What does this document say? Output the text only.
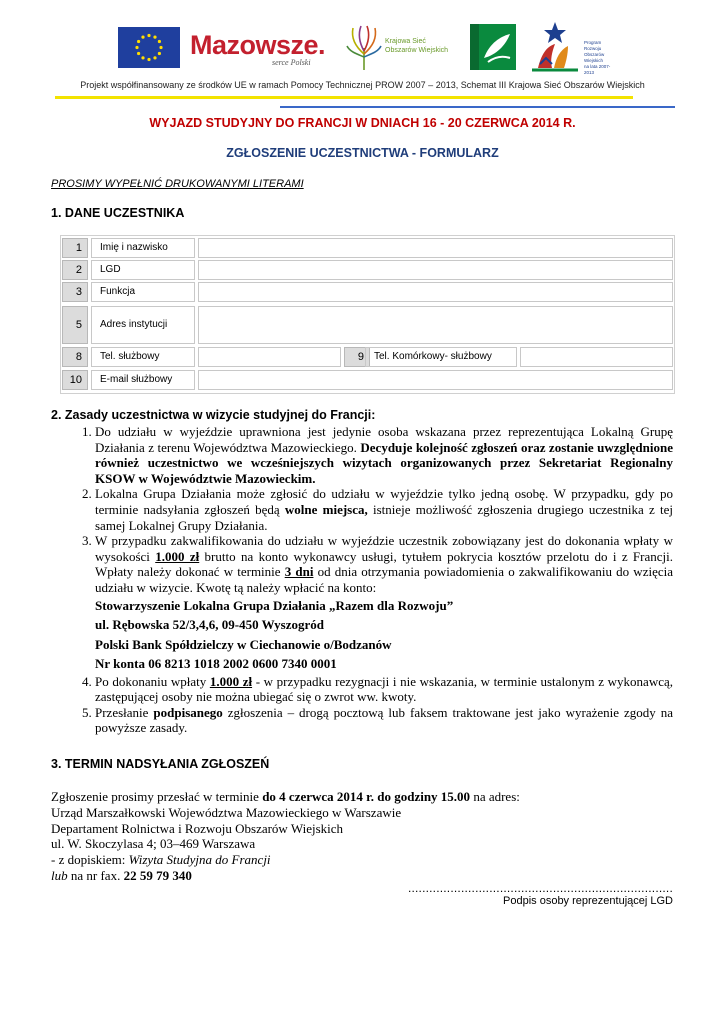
Mazowsze.
serce Polski
Krajowa Sieć
Obszarów Wiejskich
Program
Rozwoju
Obszarów
Wiejskich
na lata 2007-2013
Projekt współfinansowany ze środków UE w ramach Pomocy Technicznej PROW 2007 – 2013, Schemat III Krajowa Sieć Obszarów Wiejskich
WYJAZD STUDYJNY DO FRANCJI W DNIACH 16 - 20 CZERWCA 2014 R.
ZGŁOSZENIE UCZESTNICTWA - FORMULARZ
PROSIMY WYPEŁNIĆ DRUKOWANYMI LITERAMI
1. DANE UCZESTNIKA
1	Imię i nazwisko
2	LGD
3	Funkcja
5	Adres instytucji
8	Tel. służbowy	9	Tel. Komórkowy- służbowy
10	E-mail służbowy
2. Zasady uczestnictwa w wizycie studyjnej do Francji:
1. Do udziału w wyjeździe uprawniona jest jedynie osoba wskazana przez reprezentująca Lokalną Grupę Działania z terenu Województwa Mazowieckiego. Decyduje kolejność zgłoszeń oraz zostanie uwzględnione również uczestnictwo we wcześniejszych wizytach organizowanych przez Sekretariat Regionalny KSOW w Województwie Mazowieckim.
2. Lokalna Grupa Działania może zgłosić do udziału w wyjeździe tylko jedną osobę. W przypadku, gdy po terminie nadsyłania zgłoszeń będą wolne miejsca, istnieje możliwość zgłoszenia drugiego uczestnika z tej samej Lokalnej Grupy Działania.
3. W przypadku zakwalifikowania do udziału w wyjeździe uczestnik zobowiązany jest do dokonania wpłaty w wysokości 1.000 zł brutto na konto wykonawcy usługi, tytułem pokrycia kosztów przelotu do i z Francji. Wpłaty należy dokonać w terminie 3 dni od dnia otrzymania powiadomienia o zakwalifikowaniu do wzięcia udziału w wizycie. Kwotę tą należy wpłacić na konto:
Stowarzyszenie Lokalna Grupa Działania „Razem dla Rozwoju”
ul. Rębowska 52/3,4,6, 09-450 Wyszogród
Polski Bank Spółdzielczy w Ciechanowie o/Bodzanów
Nr konta 06 8213 1018 2002 0600 7340 0001
4. Po dokonaniu wpłaty 1.000 zł - w przypadku rezygnacji i nie wskazania, w terminie ustalonym z wykonawcą, zastępującej osoby nie można ubiegać się o zwrot ww. kwoty.
5. Przesłanie podpisanego zgłoszenia – drogą pocztową lub faksem traktowane jest jako wyrażenie zgody na powyższe zasady.
3. TERMIN NADSYŁANIA ZGŁOSZEŃ
Zgłoszenie prosimy przesłać w terminie do 4 czerwca 2014 r. do godziny 15.00 na adres:
Urząd Marszałkowski Województwa Mazowieckiego w Warszawie
Departament Rolnictwa i Rozwoju Obszarów Wiejskich
ul. W. Skoczylasa 4; 03–469 Warszawa
- z dopiskiem: Wizyta Studyjna do Francji
lub na nr fax. 22 59 79 340
...........................................................................
Podpis osoby reprezentującej LGD
